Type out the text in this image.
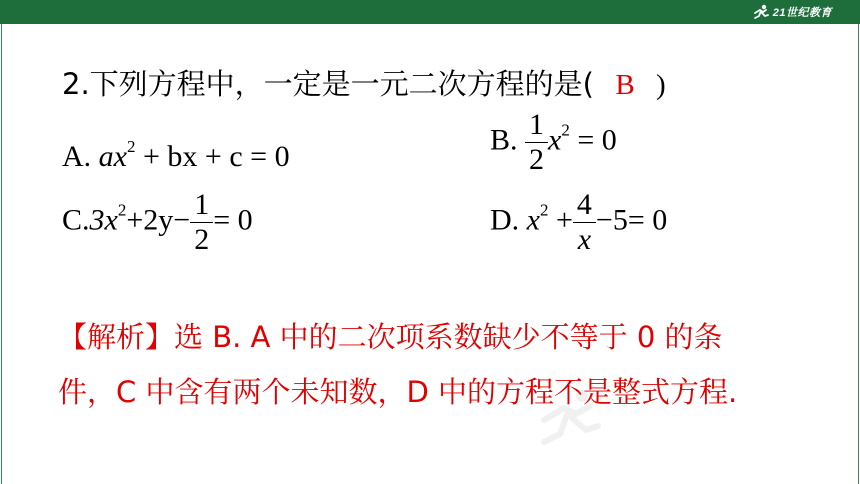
21世纪教育
2.下列方程中，一定是一元二次方程的是( B )
A. $ax^2$ + bx + c = 0
B. $\frac{1}{2} x^2 = 0$
$C.3x^2+2y- \frac{1}{2} = 0$	D. $x^2 + \frac{4}{x} -5= 0$
【解析】选 B. A 中的二次项系数缺少不等于 0 的条
件，C 中含有两个未知数，D 中的方程不是整式方程.
